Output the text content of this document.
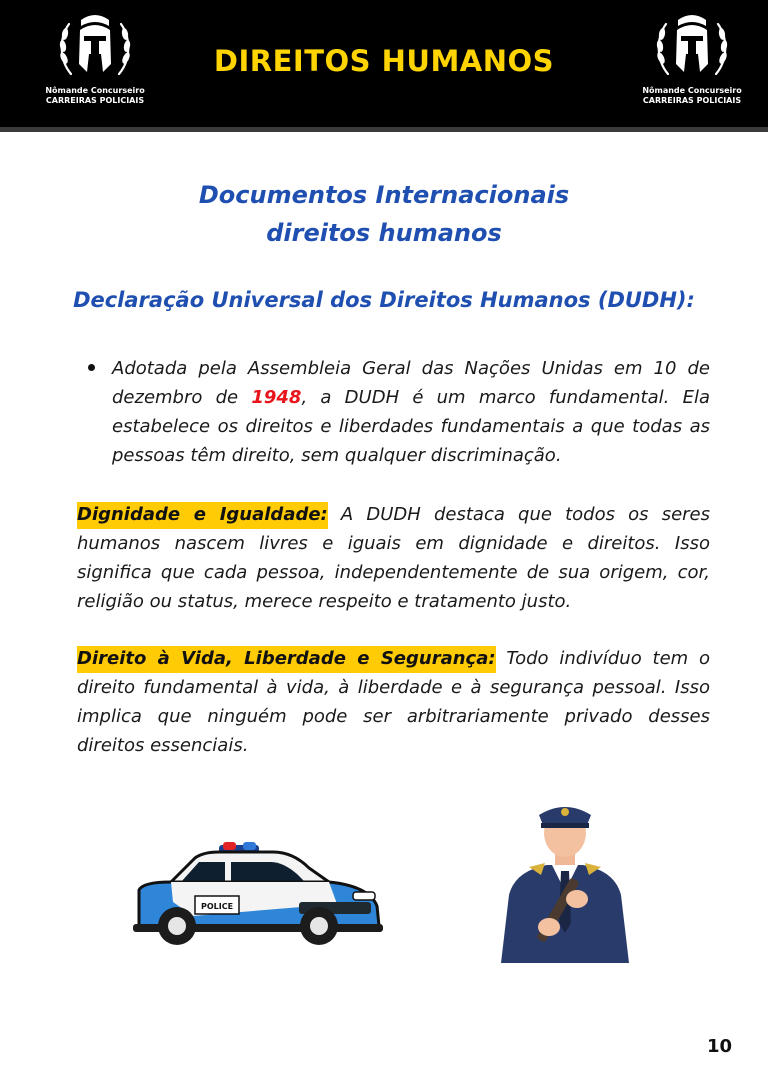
Nômande Concurseiro
CARREIRAS POLICIAIS
DIREITOS HUMANOS
Nômande Concurseiro
CARREIRAS POLICIAIS
Documentos Internacionais
direitos humanos
Declaração Universal dos Direitos Humanos (DUDH):

Adotada pela Assembleia Geral das Nações Unidas em 10 de dezembro de 1948, a DUDH é um marco fundamental. Ela estabelece os direitos e liberdades fundamentais a que todas as pessoas têm direito, sem qualquer discriminação.

Dignidade e Igualdade: A DUDH destaca que todos os seres humanos nascem livres e iguais em dignidade e direitos. Isso significa que cada pessoa, independentemente de sua origem, cor, religião ou status, merece respeito e tratamento justo.

Direito à Vida, Liberdade e Segurança: Todo indivíduo tem o direito fundamental à vida, à liberdade e à segurança pessoal. Isso implica que ninguém pode ser arbitrariamente privado desses direitos essenciais.

POLICE
10
